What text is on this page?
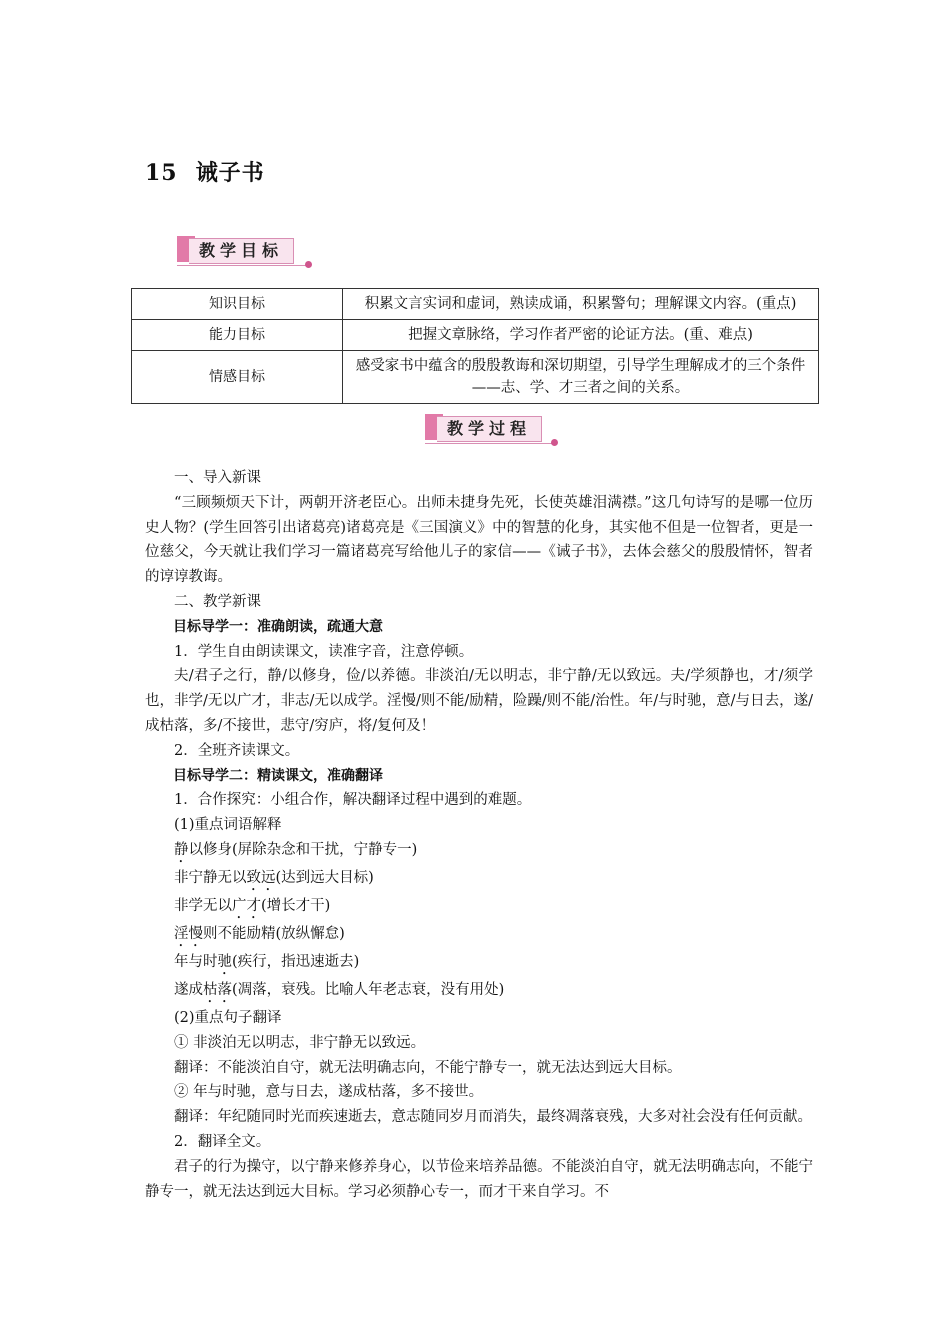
15 诫子书
教学目标
知识目标	积累文言实词和虚词，熟读成诵，积累警句；理解课文内容。(重点)
能力目标	把握文章脉络，学习作者严密的论证方法。(重、难点)
情感目标	感受家书中蕴含的殷殷教诲和深切期望，引导学生理解成才的三个条件——志、学、才三者之间的关系。
教学过程

一、导入新课

“三顾频烦天下计，两朝开济老臣心。出师未捷身先死，长使英雄泪满襟。”这几句诗写的是哪一位历史人物？(学生回答引出诸葛亮)诸葛亮是《三国演义》中的智慧的化身，其实他不但是一位智者，更是一位慈父，今天就让我们学习一篇诸葛亮写给他儿子的家信——《诫子书》，去体会慈父的殷殷情怀，智者的谆谆教诲。

二、教学新课

目标导学一：准确朗读，疏通大意

1．学生自由朗读课文，读准字音，注意停顿。

夫/君子之行，静/以修身，俭/以养德。非淡泊/无以明志，非宁静/无以致远。夫/学须静也，才/须学也，非学/无以广才，非志/无以成学。淫慢/则不能/励精，险躁/则不能/治性。年/与时驰，意/与日去，遂/成枯落，多/不接世，悲守/穷庐，将/复何及！

2．全班齐读课文。

目标导学二：精读课文，准确翻译

1．合作探究：小组合作，解决翻译过程中遇到的难题。

(1)重点词语解释

静以修身(屏除杂念和干扰，宁静专一)

非宁静无以致远(达到远大目标)

非学无以广才(增长才干)

淫慢则不能励精(放纵懈怠)

年与时驰(疾行，指迅速逝去)

遂成枯落(凋落，衰残。比喻人年老志衰，没有用处)

(2)重点句子翻译

① 非淡泊无以明志，非宁静无以致远。

翻译：不能淡泊自守，就无法明确志向，不能宁静专一，就无法达到远大目标。

② 年与时驰，意与日去，遂成枯落，多不接世。

翻译：年纪随同时光而疾速逝去，意志随同岁月而消失，最终凋落衰残，大多对社会没有任何贡献。

2．翻译全文。

君子的行为操守，以宁静来修养身心，以节俭来培养品德。不能淡泊自守，就无法明确志向，不能宁静专一，就无法达到远大目标。学习必须静心专一，而才干来自学习。不
